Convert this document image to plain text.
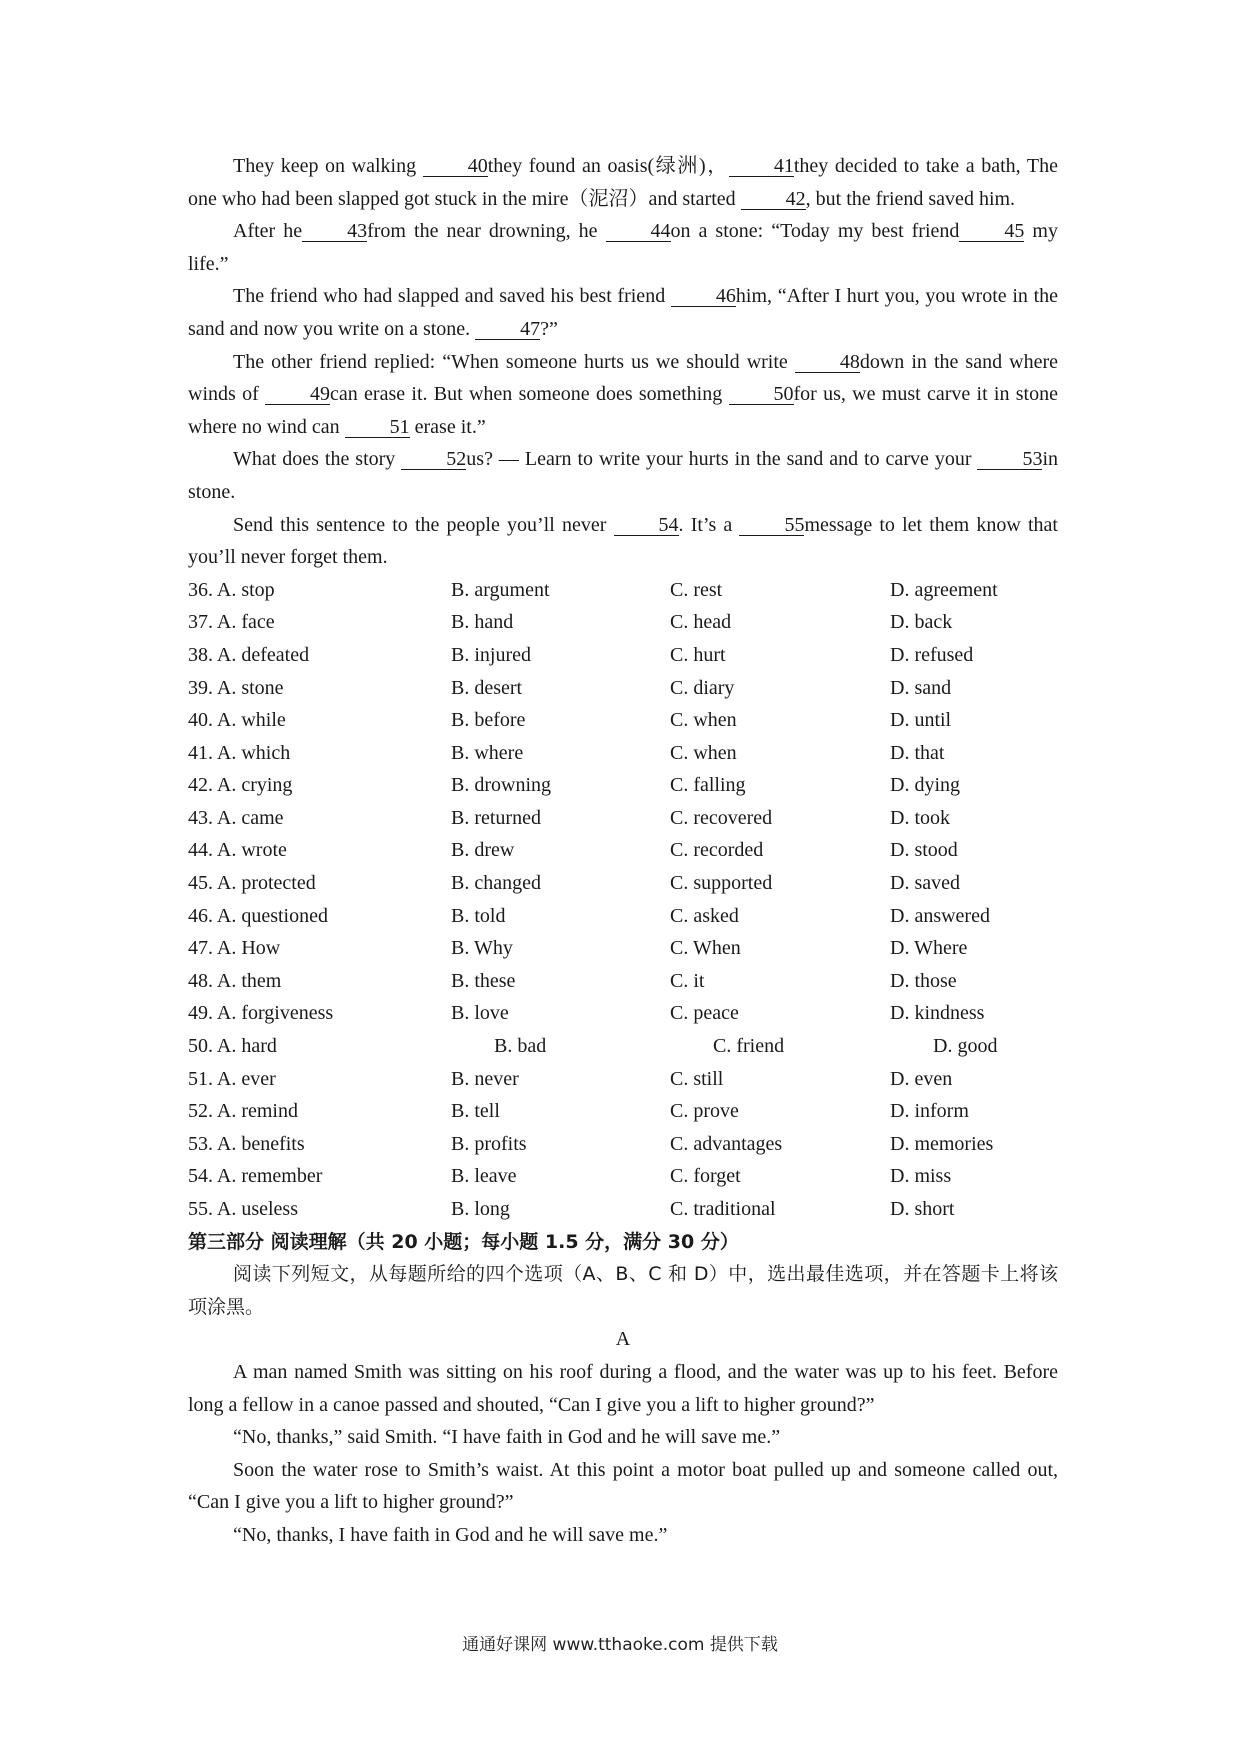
They keep on walking 40they found an oasis(绿洲)， 41they decided to take a bath, The one who had been slapped got stuck in the mire（泥沼）and started 42, but the friend saved him.

After he 43from the near drowning, he 44on a stone: “Today my best friend 45 my life.”

The friend who had slapped and saved his best friend 46him, “After I hurt you, you wrote in the sand and now you write on a stone. 47?”

The other friend replied: “When someone hurts us we should write 48down in the sand where winds of 49can erase it. But when someone does something 50for us, we must carve it in stone where no wind can 51 erase it.”

What does the story 52us? — Learn to write your hurts in the sand and to carve your 53in stone.

Send this sentence to the people you’ll never 54. It’s a 55message to let them know that you’ll never forget them.

36. A. stop	B. argument	C. rest	D. agreement
37. A. face	B. hand	C. head	D. back
38. A. defeated	B. injured	C. hurt	D. refused
39. A. stone	B. desert	C. diary	D. sand
40. A. while	B. before	C. when	D. until
41. A. which	B. where	C. when	D. that
42. A. crying	B. drowning	C. falling	D. dying
43. A. came	B. returned	C. recovered	D. took
44. A. wrote	B. drew	C. recorded	D. stood
45. A. protected	B. changed	C. supported	D. saved
46. A. questioned	B. told	C. asked	D. answered
47. A. How	B. Why	C. When	D. Where
48. A. them	B. these	C. it	D. those
49. A. forgiveness	B. love	C. peace	D. kindness
50. A. hard	B. bad	C. friend	D. good
51. A. ever	B. never	C. still	D. even
52. A. remind	B. tell	C. prove	D. inform
53. A. benefits	B. profits	C. advantages	D. memories
54. A. remember	B. leave	C. forget	D. miss
55. A. useless	B. long	C. traditional	D. short

第三部分 阅读理解（共 20 小题；每小题 1.5 分，满分 30 分）

阅读下列短文，从每题所给的四个选项（A、B、C 和 D）中，选出最佳选项，并在答题卡上将该项涂黑。

A

A man named Smith was sitting on his roof during a flood, and the water was up to his feet. Before long a fellow in a canoe passed and shouted, “Can I give you a lift to higher ground?”

“No, thanks,” said Smith. “I have faith in God and he will save me.”

Soon the water rose to Smith’s waist. At this point a motor boat pulled up and someone called out, “Can I give you a lift to higher ground?”

“No, thanks, I have faith in God and he will save me.”

通通好课网 www.tthaoke.com 提供下载
